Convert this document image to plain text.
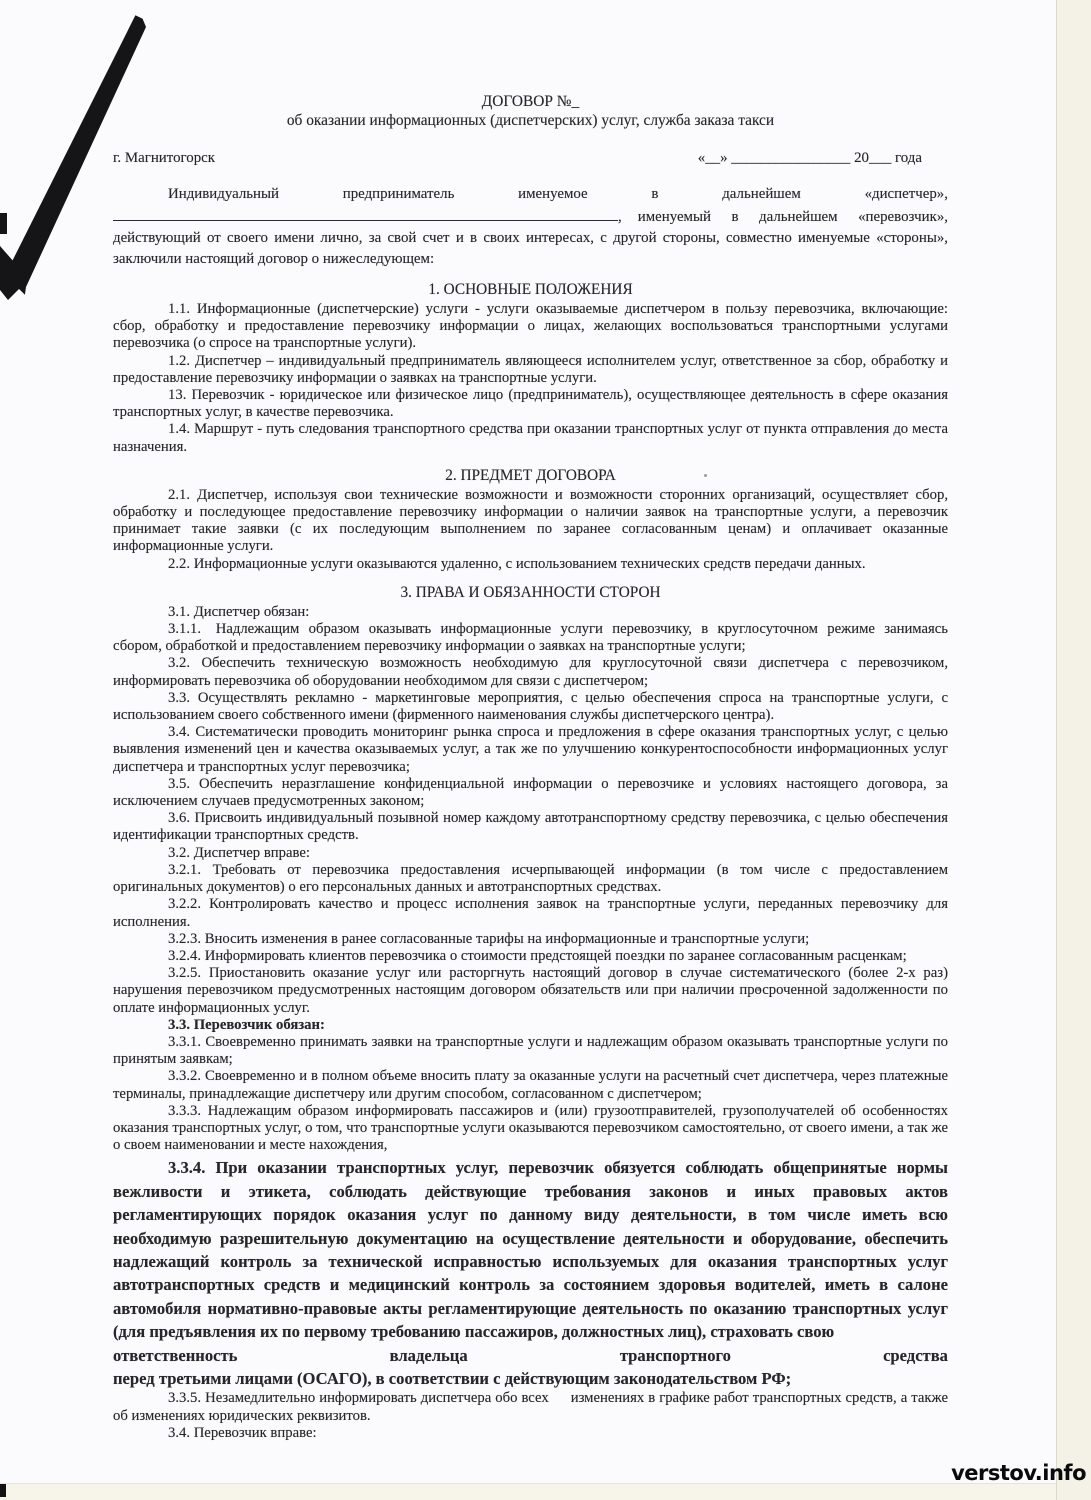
ДОГОВОР №_
об оказании информационных (диспетчерских) услуг, служба заказа такси
г. Магнитогорск	«__» ________________ 20___ года
Индивидуальный	предприниматель	именуемое	в	дальнейшем	«диспетчер»,
, именуемый в дальнейшем «перевозчик»,
действующий от своего имени лично, за свой счет и в своих интересах, с другой стороны, совместно именуемые «стороны», заключили настоящий договор о нижеследующем:
1. ОСНОВНЫЕ ПОЛОЖЕНИЯ

1.1. Информационные (диспетчерские) услуги - услуги оказываемые диспетчером в пользу перевозчика, включающие: сбор, обработку и предоставление перевозчику информации о лицах, желающих воспользоваться транспортными услугами перевозчика (о спросе на транспортные услуги).

1.2. Диспетчер – индивидуальный предприниматель являющееся исполнителем услуг, ответственное за сбор, обработку и предоставление перевозчику информации о заявках на транспортные услуги.

13. Перевозчик - юридическое или физическое лицо (предприниматель), осуществляющее деятельность в сфере оказания транспортных услуг, в качестве перевозчика.

1.4. Маршрут - путь следования транспортного средства при оказании транспортных услуг от пункта отправления до места назначения.

2. ПРЕДМЕТ ДОГОВОРА

2.1. Диспетчер, используя свои технические возможности и возможности сторонних организаций, осуществляет сбор, обработку и последующее предоставление перевозчику информации о наличии заявок на транспортные услуги, а перевозчик принимает такие заявки (с их последующим выполнением по заранее согласованным ценам) и оплачивает оказанные информационные услуги.

2.2. Информационные услуги оказываются удаленно, с использованием технических средств передачи данных.

3. ПРАВА И ОБЯЗАННОСТИ СТОРОН

3.1. Диспетчер обязан:

3.1.1. Надлежащим образом оказывать информационные услуги перевозчику, в круглосуточном режиме занимаясь сбором, обработкой и предоставлением перевозчику информации о заявках на транспортные услуги;

3.2. Обеспечить техническую возможность необходимую для круглосуточной связи диспетчера с перевозчиком, информировать перевозчика об оборудовании необходимом для связи с диспетчером;

3.3. Осуществлять рекламно - маркетинговые мероприятия, с целью обеспечения спроса на транспортные услуги, с использованием своего собственного имени (фирменного наименования службы диспетчерского центра).

3.4. Систематически проводить мониторинг рынка спроса и предложения в сфере оказания транспортных услуг, с целью выявления изменений цен и качества оказываемых услуг, а так же по улучшению конкурентоспособности информационных услуг диспетчера и транспортных услуг перевозчика;

3.5. Обеспечить неразглашение конфиденциальной информации о перевозчике и условиях настоящего договора, за исключением случаев предусмотренных законом;

3.6. Присвоить индивидуальный позывной номер каждому автотранспортному средству перевозчика, с целью обеспечения идентификации транспортных средств.

3.2. Диспетчер вправе:

3.2.1. Требовать от перевозчика предоставления исчерпывающей информации (в том числе с предоставлением оригинальных документов) о его персональных данных и автотранспортных средствах.

3.2.2. Контролировать качество и процесс исполнения заявок на транспортные услуги, переданных перевозчику для исполнения.

3.2.3. Вносить изменения в ранее согласованные тарифы на информационные и транспортные услуги;

3.2.4. Информировать клиентов перевозчика о стоимости предстоящей поездки по заранее согласованным расценкам;

3.2.5. Приостановить оказание услуг или расторгнуть настоящий договор в случае систематического (более 2-х раз) нарушения перевозчиком предусмотренных настоящим договором обязательств или при наличии просроченной задолженности по оплате информационных услуг.

3.3. Перевозчик обязан:

3.3.1. Своевременно принимать заявки на транспортные услуги и надлежащим образом оказывать транспортные услуги по принятым заявкам;

3.3.2. Своевременно и в полном объеме вносить плату за оказанные услуги на расчетный счет диспетчера, через платежные терминалы, принадлежащие диспетчеру или другим способом, согласованном с диспетчером;

3.3.3. Надлежащим образом информировать пассажиров и (или) грузоотправителей, грузополучателей об особенностях оказания транспортных услуг, о том, что транспортные услуги оказываются перевозчиком самостоятельно, от своего имени, а так же о своем наименовании и месте нахождения,

3.3.4. При оказании транспортных услуг, перевозчик обязуется соблюдать общепринятые нормы вежливости и этикета, соблюдать действующие требования законов и иных правовых актов регламентирующих порядок оказания услуг по данному виду деятельности, в том числе иметь всю необходимую разрешительную документацию на осуществление деятельности и оборудование, обеспечить надлежащий контроль за технической исправностью используемых для оказания транспортных услуг автотранспортных средств и медицинский контроль за состоянием здоровья водителей, иметь в салоне автомобиля нормативно-правовые акты регламентирующие деятельность по оказанию транспортных услуг (для предъявления их по первому требованию пассажиров, должностных лиц), страховать свою

ответственность	владельца	транспортного	средства

перед третьими лицами (ОСАГО), в соответствии с действующим законодательством РФ;

3.3.5. Незамедлительно информировать диспетчера обо всех  изменениях в графике работ транспортных средств, а также об изменениях юридических реквизитов.

3.4. Перевозчик вправе:

verstov.info
